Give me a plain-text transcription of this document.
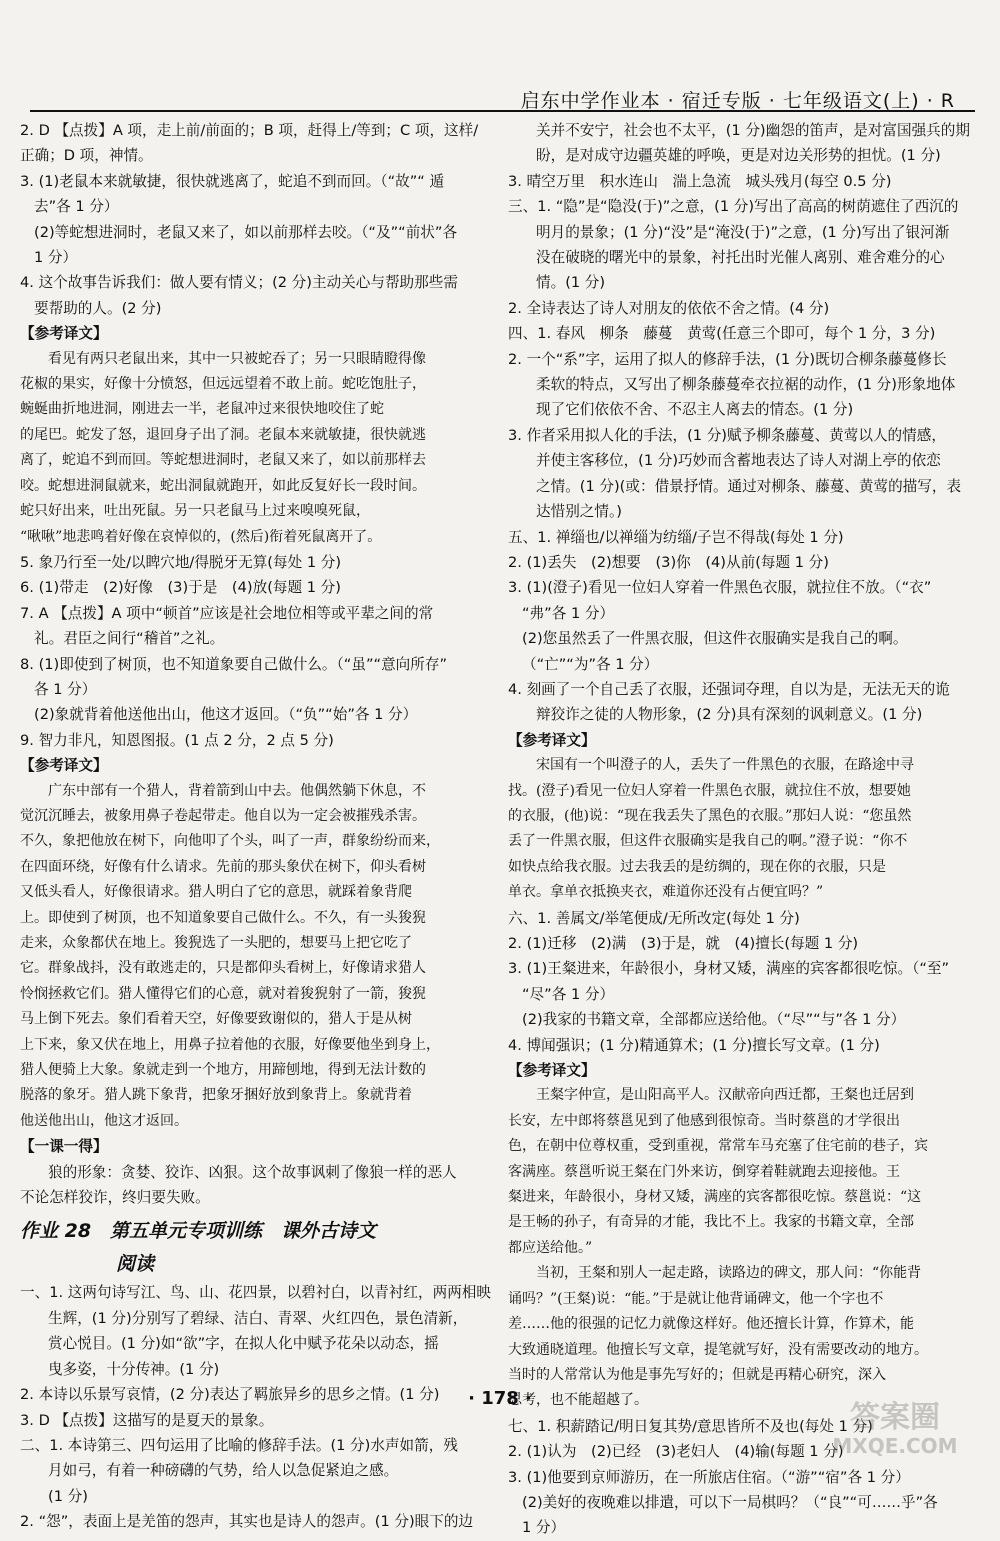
启东中学作业本 · 宿迁专版 · 七年级语文(上) · R
2. D 【点拨】A 项，走上前/前面的；B 项，赶得上/等到；C 项，这样/
正确；D 项，神情。
3. (1)老鼠本来就敏捷，很快就逃离了，蛇追不到而回。（“故”“ 遁
去”各 1 分）
(2)等蛇想进洞时，老鼠又来了，如以前那样去咬。（“及”“前状”各
1 分）
4. 这个故事告诉我们：做人要有情义；(2 分)主动关心与帮助那些需
要帮助的人。(2 分)
【参考译文】
看见有两只老鼠出来，其中一只被蛇吞了；另一只眼睛瞪得像
花椒的果实，好像十分愤怒，但远远望着不敢上前。蛇吃饱肚子，
蜿蜒曲折地进洞，刚进去一半，老鼠冲过来很快地咬住了蛇
的尾巴。蛇发了怒，退回身子出了洞。老鼠本来就敏捷，很快就逃
离了，蛇追不到而回。等蛇想进洞时，老鼠又来了，如以前那样去
咬。蛇想进洞鼠就来，蛇出洞鼠就跑开，如此反复好长一段时间。
蛇只好出来，吐出死鼠。另一只老鼠马上过来嗅嗅死鼠，
“啾啾”地悲鸣着好像在哀悼似的，(然后)衔着死鼠离开了。
5. 象乃行至一处/以睥穴地/得脱牙无算(每处 1 分)
6. (1)带走　(2)好像　(3)于是　(4)放(每题 1 分)
7. A 【点拨】A 项中“顿首”应该是社会地位相等或平辈之间的常
礼。君臣之间行“稽首”之礼。
8. (1)即使到了树顶，也不知道象要自己做什么。（“虽”“意向所存”
各 1 分）
(2)象就背着他送他出山，他这才返回。（“负”“始”各 1 分）
9. 智力非凡，知恩图报。(1 点 2 分，2 点 5 分)
【参考译文】
广东中部有一个猎人，背着箭到山中去。他偶然躺下休息，不
觉沉沉睡去，被象用鼻子卷起带走。他自以为一定会被摧残杀害。
不久，象把他放在树下，向他叩了个头，叫了一声，群象纷纷而来，
在四面环绕，好像有什么请求。先前的那头象伏在树下，仰头看树
又低头看人，好像很请求。猎人明白了它的意思，就踩着象背爬
上。即使到了树顶，也不知道象要自己做什么。不久，有一头狻猊
走来，众象都伏在地上。狻猊选了一头肥的，想要马上把它吃了
它。群象战抖，没有敢逃走的，只是都仰头看树上，好像请求猎人
怜悯拯救它们。猎人懂得它们的心意，就对着狻猊射了一箭，狻猊
马上倒下死去。象们看着天空，好像要致谢似的，猎人于是从树
上下来，象又伏在地上，用鼻子拉着他的衣服，好像要他坐到身上，
猎人便骑上大象。象就走到一个地方，用蹄刨地，得到无法计数的
脱落的象牙。猎人跳下象背，把象牙捆好放到象背上。象就背着
他送他出山，他这才返回。
【一课一得】
狼的形象：贪婪、狡诈、凶狠。这个故事讽刺了像狼一样的恶人
不论怎样狡诈，终归要失败。
作业 28　第五单元专项训练　课外古诗文
阅读
一、1. 这两句诗写江、鸟、山、花四景，以碧衬白，以青衬红，两两相映
生辉，(1 分)分别写了碧绿、洁白、青翠、火红四色，景色清新，
赏心悦目。(1 分)如“欲”字，在拟人化中赋予花朵以动态，摇
曳多姿，十分传神。(1 分)
2. 本诗以乐景写哀情，(2 分)表达了羁旅异乡的思乡之情。(1 分)
3. D 【点拨】这描写的是夏天的景象。
二、1. 本诗第三、四句运用了比喻的修辞手法。(1 分)水声如箭，残
月如弓，有着一种磅礴的气势，给人以急促紧迫之感。
(1 分)
2. “怨”，表面上是羌笛的怨声，其实也是诗人的怨声。(1 分)眼下的边
关并不安宁，社会也不太平，(1 分)幽怨的笛声，是对富国强兵的期
盼，是对成守边疆英雄的呼唤，更是对边关形势的担忧。(1 分)
3. 晴空万里　积水连山　湍上急流　城头残月(每空 0.5 分)
三、1. “隐”是“隐没(于)”之意，(1 分)写出了高高的树荫遮住了西沉的
明月的景象；(1 分)“没”是“淹没(于)”之意，(1 分)写出了银河渐
没在破晓的曙光中的景象，衬托出时光催人离别、难舍难分的心
情。(1 分)
2. 全诗表达了诗人对朋友的依依不舍之情。(4 分)
四、1. 春风　柳条　藤蔓　黄莺(任意三个即可，每个 1 分，3 分)
2. 一个“系”字，运用了拟人的修辞手法，(1 分)既切合柳条藤蔓修长
柔软的特点，又写出了柳条藤蔓牵衣拉裾的动作，(1 分)形象地体
现了它们依依不舍、不忍主人离去的情态。(1 分)
3. 作者采用拟人化的手法，(1 分)赋予柳条藤蔓、黄莺以人的情感，
并使主客移位，(1 分)巧妙而含蓄地表达了诗人对湖上亭的依恋
之情。(1 分)(或：借景抒情。通过对柳条、藤蔓、黄莺的描写，表
达惜别之情。)
五、1. 禅缁也/以禅缁为纺缁/子岂不得哉(每处 1 分)
2. (1)丢失　(2)想要　(3)你　(4)从前(每题 1 分)
3. (1)(澄子)看见一位妇人穿着一件黑色衣服，就拉住不放。（“衣”
“弗”各 1 分）
(2)您虽然丢了一件黑衣服，但这件衣服确实是我自己的啊。
（“亡”“为”各 1 分）
4. 刻画了一个自己丢了衣服，还强词夺理，自以为是，无法无天的诡
辩狡诈之徒的人物形象，(2 分)具有深刻的讽刺意义。(1 分)
【参考译文】
宋国有一个叫澄子的人，丢失了一件黑色的衣服，在路途中寻
找。(澄子)看见一位妇人穿着一件黑色衣服，就拉住不放，想要她
的衣服，(他)说：“现在我丢失了黑色的衣服。”那妇人说：“您虽然
丢了一件黑衣服，但这件衣服确实是我自己的啊。”澄子说：“你不
如快点给我衣服。过去我丢的是纺绸的，现在你的衣服，只是
单衣。拿单衣抵换夹衣，难道你还没有占便宜吗？”
六、1. 善属文/举笔便成/无所改定(每处 1 分)
2. (1)迁移　(2)满　(3)于是，就　(4)擅长(每题 1 分)
3. (1)王粲进来，年龄很小，身材又矮，满座的宾客都很吃惊。（“至”
“尽”各 1 分）
(2)我家的书籍文章，全部都应送给他。（“尽”“与”各 1 分）
4. 博闻强识；(1 分)精通算术；(1 分)擅长写文章。(1 分)
【参考译文】
王粲字仲宣，是山阳高平人。汉献帝向西迁都，王粲也迁居到
长安，左中郎将蔡邕见到了他感到很惊奇。当时蔡邕的才学很出
色，在朝中位尊权重，受到重视，常常车马充塞了住宅前的巷子，宾
客满座。蔡邕听说王粲在门外来访，倒穿着鞋就跑去迎接他。王
粲进来，年龄很小，身材又矮，满座的宾客都很吃惊。蔡邕说：“这
是王畅的孙子，有奇异的才能，我比不上。我家的书籍文章，全部
都应送给他。”
当初，王粲和别人一起走路，读路边的碑文，那人问：“你能背
诵吗？”(王粲)说：“能。”于是就让他背诵碑文，他一个字也不
差……他的很强的记忆力就像这样好。他还擅长计算，作算术，能
大致通晓道理。他擅长写文章，提笔就写好，没有需要改动的地方。
当时的人常常认为他是事先写好的；但就是再精心研究，深入
思考，也不能超越了。
七、1. 积薪踏记/明日复其势/意思皆所不及也(每处 1 分)
2. (1)认为　(2)已经　(3)老妇人　(4)输(每题 1 分)
3. (1)他要到京师游历，在一所旅店住宿。（“游”“宿”各 1 分）
(2)美好的夜晚难以排遣，可以下一局棋吗？（“良”“可……乎”各
1 分）
· 178 ·
答案圈
MXQE.COM
